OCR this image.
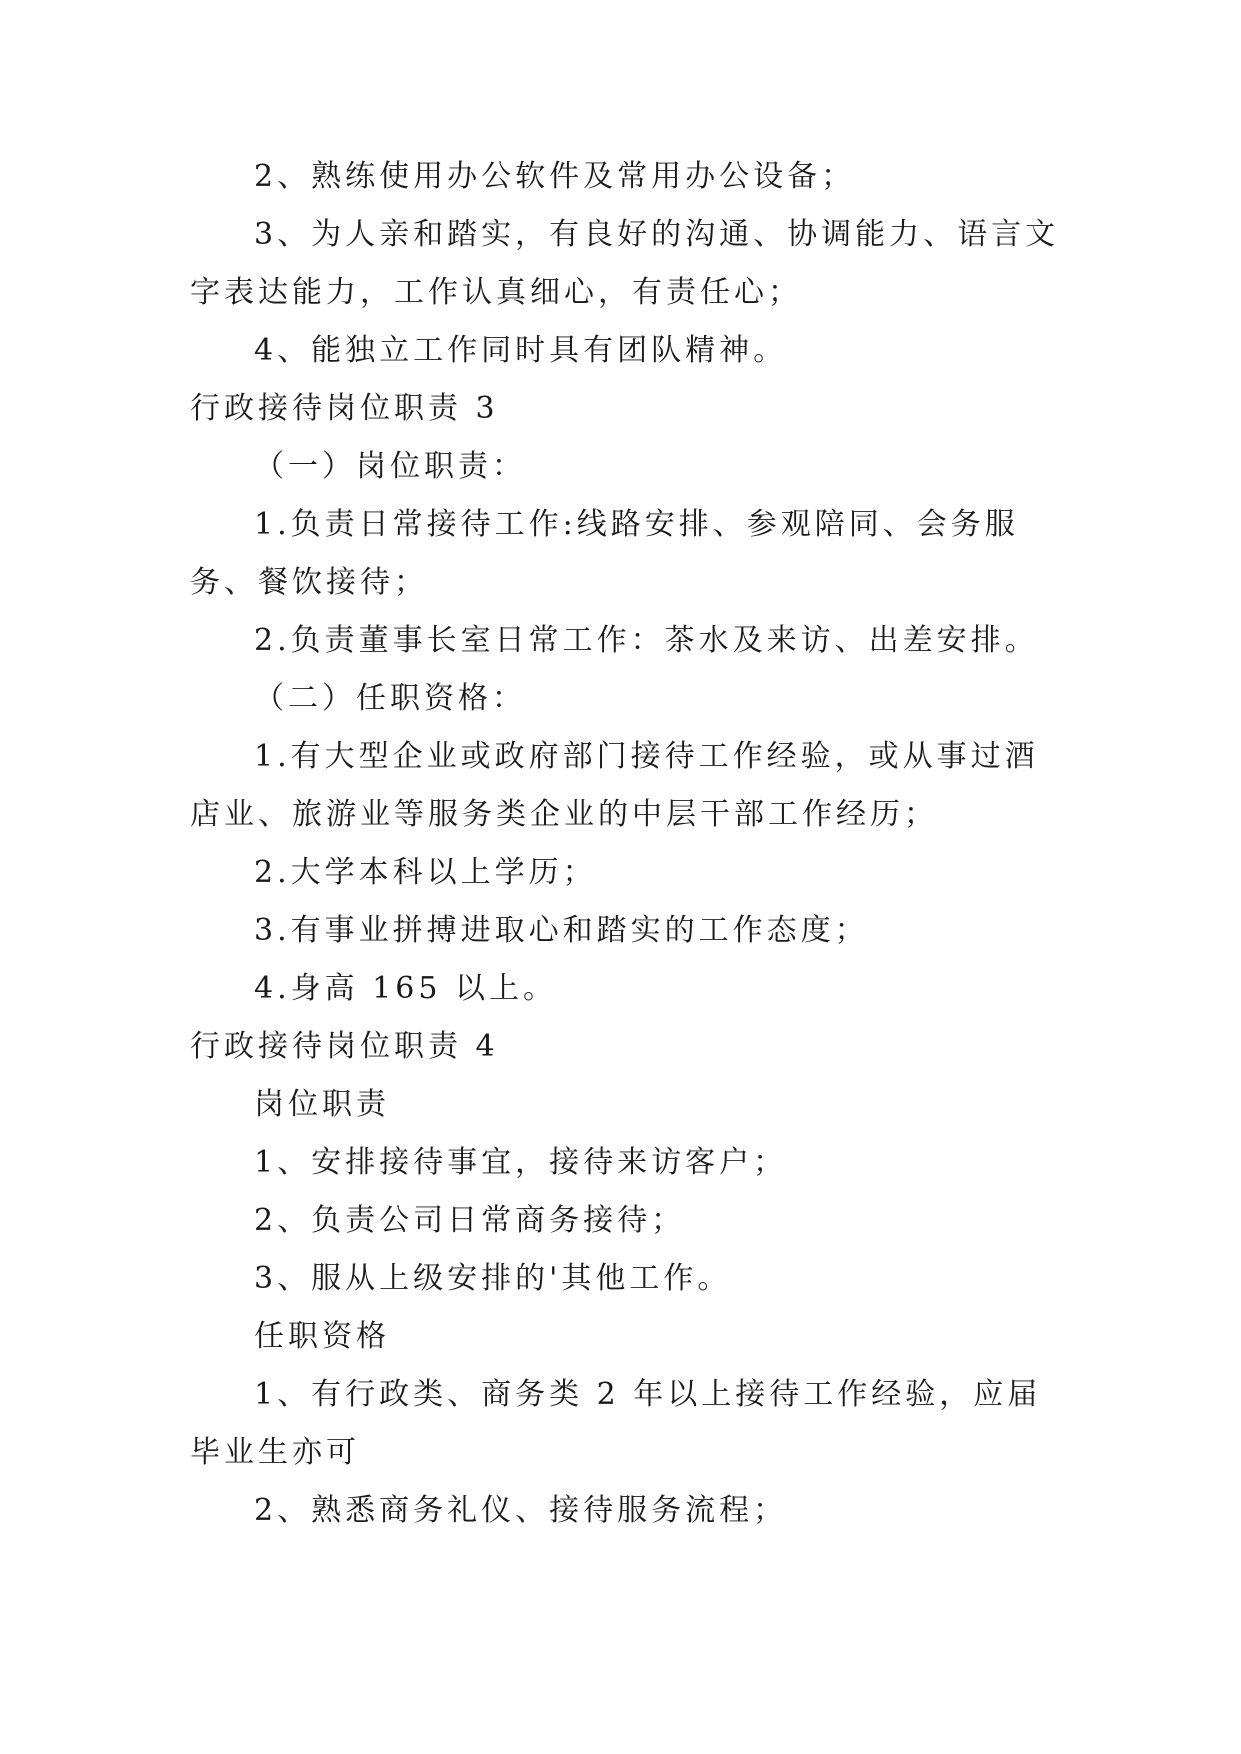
2、熟练使用办公软件及常用办公设备；

3、为人亲和踏实，有良好的沟通、协调能力、语言文字表达能力，工作认真细心，有责任心；

4、能独立工作同时具有团队精神。

行政接待岗位职责 3

（一）岗位职责：

1.负责日常接待工作:线路安排、参观陪同、会务服务、餐饮接待；

2.负责董事长室日常工作：茶水及来访、出差安排。

（二）任职资格：

1.有大型企业或政府部门接待工作经验，或从事过酒店业、旅游业等服务类企业的中层干部工作经历；

2.大学本科以上学历；

3.有事业拼搏进取心和踏实的工作态度；

4.身高 165 以上。

行政接待岗位职责 4

岗位职责

1、安排接待事宜，接待来访客户；

2、负责公司日常商务接待；

3、服从上级安排的'其他工作。

任职资格

1、有行政类、商务类 2 年以上接待工作经验，应届毕业生亦可

2、熟悉商务礼仪、接待服务流程；
